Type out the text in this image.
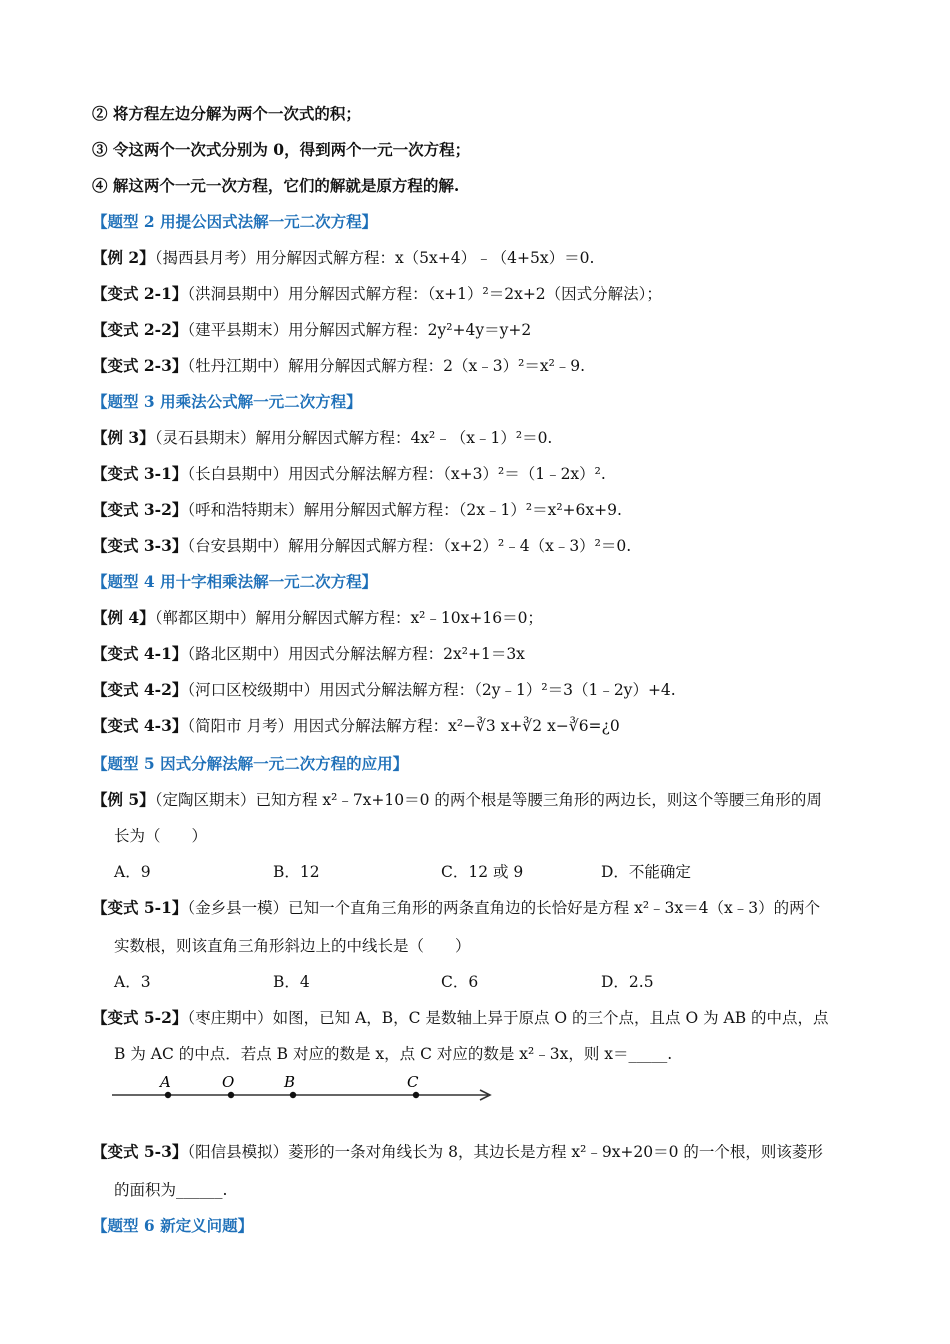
② 将方程左边分解为两个一次式的积；
③ 令这两个一次式分别为 0，得到两个一元一次方程；
④ 解这两个一元一次方程，它们的解就是原方程的解.
【题型 2 用提公因式法解一元二次方程】
【例 2】（揭西县月考）用分解因式解方程：x（5x+4）﹣（4+5x）＝0.
【变式 2-1】（洪洞县期中）用分解因式解方程：（x+1）²＝2x+2（因式分解法）；
【变式 2-2】（建平县期末）用分解因式解方程：2y²+4y＝y+2
【变式 2-3】（牡丹江期中）解用分解因式解方程：2（x﹣3）²＝x²﹣9.
【题型 3 用乘法公式解一元二次方程】
【例 3】（灵石县期末）解用分解因式解方程：4x²﹣（x﹣1）²＝0.
【变式 3-1】（长白县期中）用因式分解法解方程：（x+3）²＝（1﹣2x）².
【变式 3-2】（呼和浩特期末）解用分解因式解方程：（2x﹣1）²＝x²+6x+9.
【变式 3-3】（台安县期中）解用分解因式解方程：（x+2）²﹣4（x﹣3）²＝0.
【题型 4 用十字相乘法解一元二次方程】
【例 4】（郸都区期中）解用分解因式解方程：x²﹣10x+16＝0；
【变式 4-1】（路北区期中）用因式分解法解方程：2x²+1＝3x
【变式 4-2】（河口区校级期中）用因式分解法解方程：（2y﹣1）²＝3（1﹣2y）+4.
【变式 4-3】（简阳市 月考）用因式分解法解方程：x²−∛3 x+∛2 x−∛6=¿0
【题型 5 因式分解法解一元二次方程的应用】
【例 5】（定陶区期末）已知方程 x²﹣7x+10＝0 的两个根是等腰三角形的两边长，则这个等腰三角形的周
长为（　　）
A．9	B．12	C．12 或 9	D．不能确定
【变式 5-1】（金乡县一模）已知一个直角三角形的两条直角边的长恰好是方程 x²﹣3x＝4（x﹣3）的两个
实数根，则该直角三角形斜边上的中线长是（　　）
A．3	B．4	C．6	D．2.5
【变式 5-2】（枣庄期中）如图，已知 A，B，C 是数轴上异于原点 O 的三个点，且点 O 为 AB 的中点，点
B 为 AC 的中点．若点 B 对应的数是 x，点 C 对应的数是 x²﹣3x，则 x＝_____.
A	O	B	C
【变式 5-3】（阳信县模拟）菱形的一条对角线长为 8，其边长是方程 x²﹣9x+20＝0 的一个根，则该菱形
的面积为______.
【题型 6 新定义问题】
